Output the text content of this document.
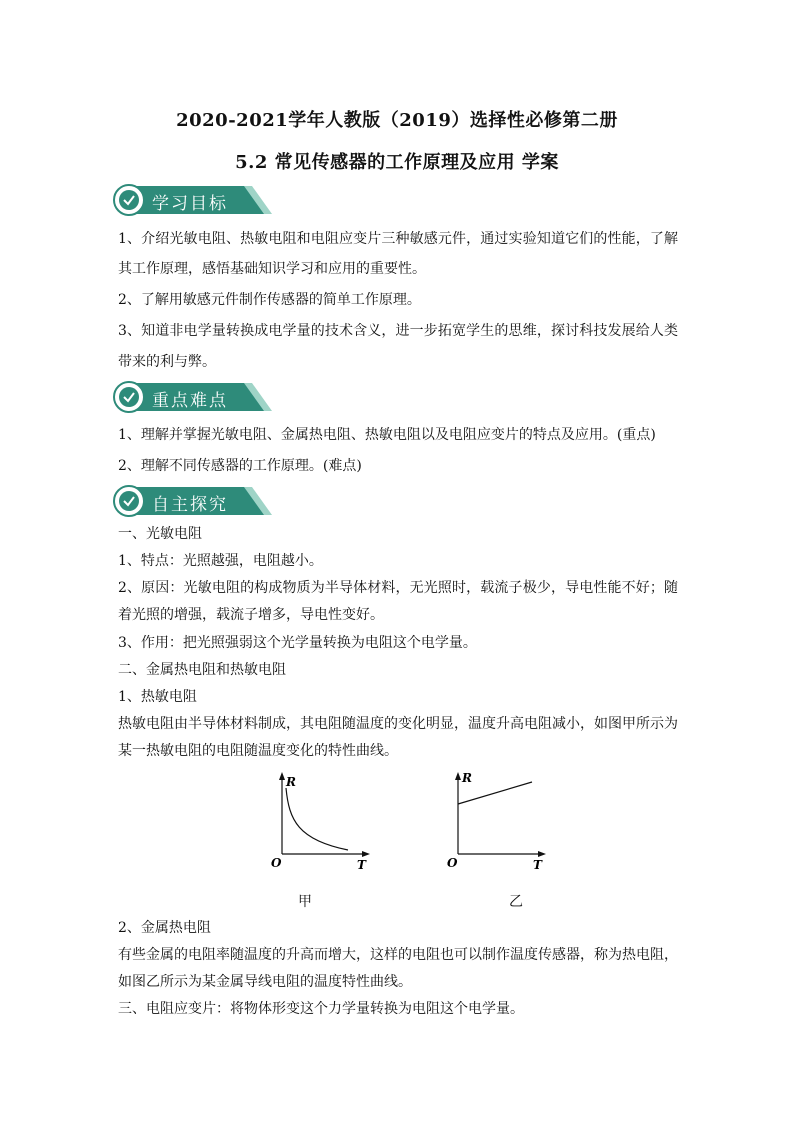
2020-2021学年人教版（2019）选择性必修第二册
5.2 常见传感器的工作原理及应用 学案
学习目标
1、介绍光敏电阻、热敏电阻和电阻应变片三种敏感元件，通过实验知道它们的性能，了解
其工作原理，感悟基础知识学习和应用的重要性。
2、了解用敏感元件制作传感器的简单工作原理。
3、知道非电学量转换成电学量的技术含义，进一步拓宽学生的思维，探讨科技发展给人类
带来的利与弊。
重点难点
1、理解并掌握光敏电阻、金属热电阻、热敏电阻以及电阻应变片的特点及应用。(重点)
2、理解不同传感器的工作原理。(难点)
自主探究
一、光敏电阻
1、特点：光照越强，电阻越小。
2、原因：光敏电阻的构成物质为半导体材料，无光照时，载流子极少，导电性能不好；随
着光照的增强，载流子增多，导电性变好。
3、作用：把光照强弱这个光学量转换为电阻这个电学量。
二、金属热电阻和热敏电阻
1、热敏电阻
热敏电阻由半导体材料制成，其电阻随温度的变化明显，温度升高电阻减小，如图甲所示为
某一热敏电阻的电阻随温度变化的特性曲线。
R
O	T
甲
R
O	T
乙
2、金属热电阻
有些金属的电阻率随温度的升高而增大，这样的电阻也可以制作温度传感器，称为热电阻，
如图乙所示为某金属导线电阻的温度特性曲线。
三、电阻应变片：将物体形变这个力学量转换为电阻这个电学量。
